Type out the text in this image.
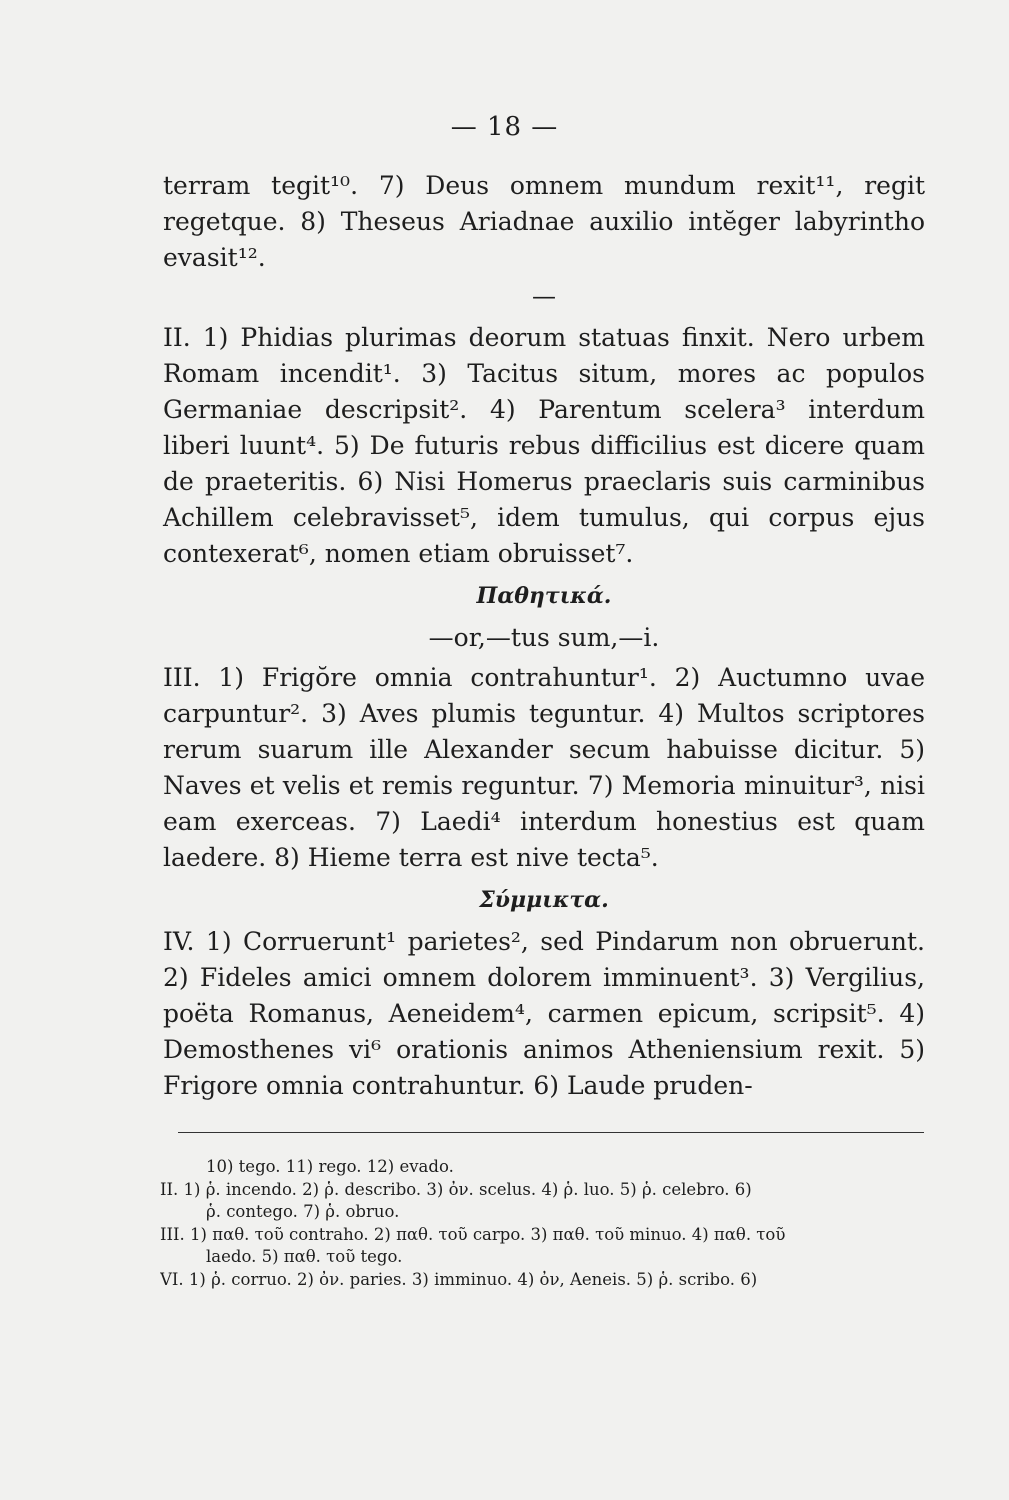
— 18 —

terram tegit¹⁰. 7) Deus omnem mundum rexit¹¹, regit regetque. 8) Theseus Ariadnae auxilio intĕger labyrintho evasit¹².

—

II. 1) Phidias plurimas deorum statuas finxit. Nero urbem Romam incendit¹. 3) Tacitus situm, mores ac populos Germaniae descripsit². 4) Parentum scelera³ interdum liberi luunt⁴. 5) De futuris rebus difficilius est dicere quam de praeteritis. 6) Nisi Homerus praeclaris suis carminibus Achillem celebravisset⁵, idem tumulus, qui corpus ejus contexerat⁶, nomen etiam obruisset⁷.

Παθητικά.
—or,—tus sum,—i.

III. 1) Frigŏre omnia contrahuntur¹. 2) Auctumno uvae carpuntur². 3) Aves plumis teguntur. 4) Multos scriptores rerum suarum ille Alexander secum habuisse dicitur. 5) Naves et velis et remis reguntur. 7) Memoria minuitur³, nisi eam exerceas. 7) Laedi⁴ interdum honestius est quam laedere. 8) Hieme terra est nive tecta⁵.

Σύμμικτα.

IV. 1) Corruerunt¹ parietes², sed Pindarum non obruerunt. 2) Fideles amici omnem dolorem imminuent³. 3) Vergilius, poëta Romanus, Aeneidem⁴, carmen epicum, scripsit⁵. 4) Demosthenes vi⁶ orationis animos Atheniensium rexit. 5) Frigore omnia contrahuntur. 6) Laude pruden-

10) tego. 11) rego. 12) evado.

II. 1) ῥ. incendo. 2) ῥ. describo. 3) ὀν. scelus. 4) ῥ. luo. 5) ῥ. celebro. 6)

ῥ. contego. 7) ῥ. obruo.

III. 1) παθ. τοῦ contraho. 2) παθ. τοῦ carpo. 3) παθ. τοῦ minuo. 4) παθ. τοῦ

laedo. 5) παθ. τοῦ tego.

VI. 1) ῥ. corruo. 2) ὀν. paries. 3) imminuo. 4) ὀν, Aeneis. 5) ῥ. scribo. 6)
